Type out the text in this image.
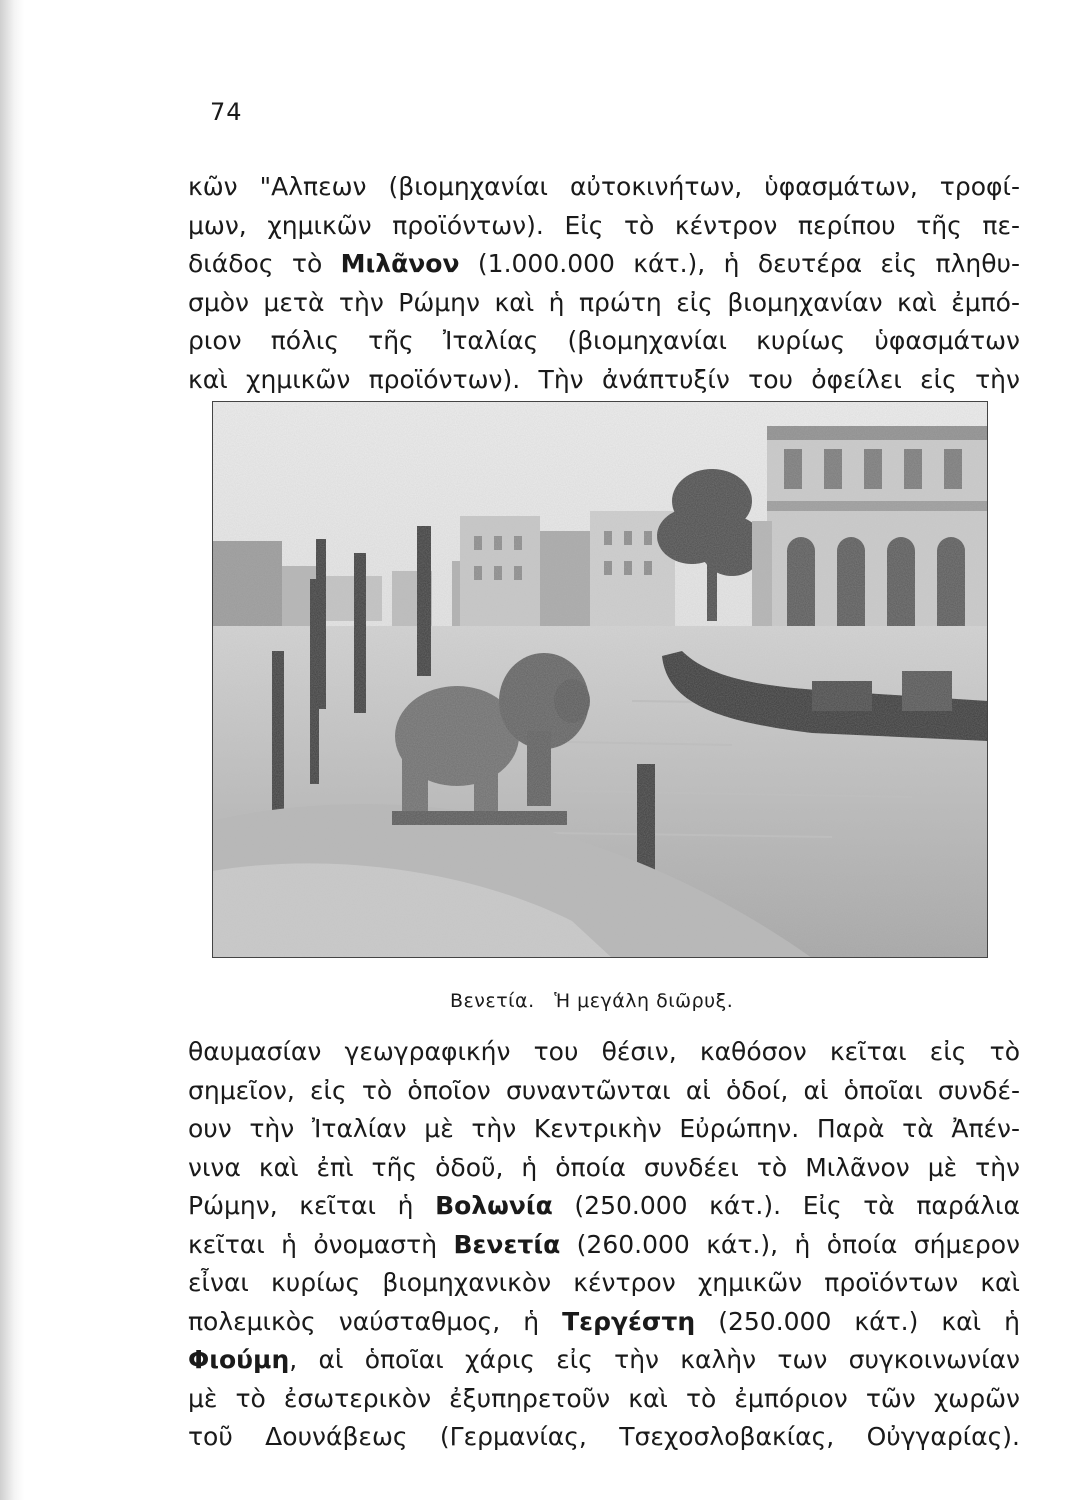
74
κῶν "Αλπεων (βιομηχανίαι αὐτοκινήτων, ὑφασμάτων, τροφί-
μων, χημικῶν προϊόντων). Εἰς τὸ κέντρον περίπου τῆς πε-
διάδος τὸ Μιλᾶνον (1.000.000 κάτ.), ἡ δευτέρα εἰς πληθυ-
σμὸν μετὰ τὴν Ρώμην καὶ ἡ πρώτη εἰς βιομηχανίαν καὶ ἐμπό-
ριον πόλις τῆς Ἰταλίας (βιομηχανίαι κυρίως ὑφασμάτων
καὶ χημικῶν προϊόντων). Τὴν ἀνάπτυξίν του ὀφείλει εἰς τὴν
Βενετία.   Ἡ μεγάλη διῶρυξ.
θαυμασίαν γεωγραφικήν του θέσιν, καθόσον κεῖται εἰς τὸ
σημεῖον, εἰς τὸ ὁποῖον συναντῶνται αἱ ὁδοί, αἱ ὁποῖαι συνδέ-
ουν τὴν Ἰταλίαν μὲ τὴν Κεντρικὴν Εὐρώπην. Παρὰ τὰ Ἀπέν-
νινα καὶ ἐπὶ τῆς ὁδοῦ, ἡ ὁποία συνδέει τὸ Μιλᾶνον μὲ τὴν
Ρώμην, κεῖται ἡ Βολωνία (250.000 κάτ.). Εἰς τὰ παράλια
κεῖται ἡ ὀνομαστὴ Βενετία (260.000 κάτ.), ἡ ὁποία σήμερον
εἶναι κυρίως βιομηχανικὸν κέντρον χημικῶν προϊόντων καὶ
πολεμικὸς ναύσταθμος, ἡ Τεργέστη (250.000 κάτ.) καὶ ἡ
Φιούμη, αἱ ὁποῖαι χάρις εἰς τὴν καλὴν των συγκοινωνίαν
μὲ τὸ ἐσωτερικὸν ἐξυπηρετοῦν καὶ τὸ ἐμπόριον τῶν χωρῶν
τοῦ Δουνάβεως (Γερμανίας, Τσεχοσλοβακίας, Οὐγγαρίας).
